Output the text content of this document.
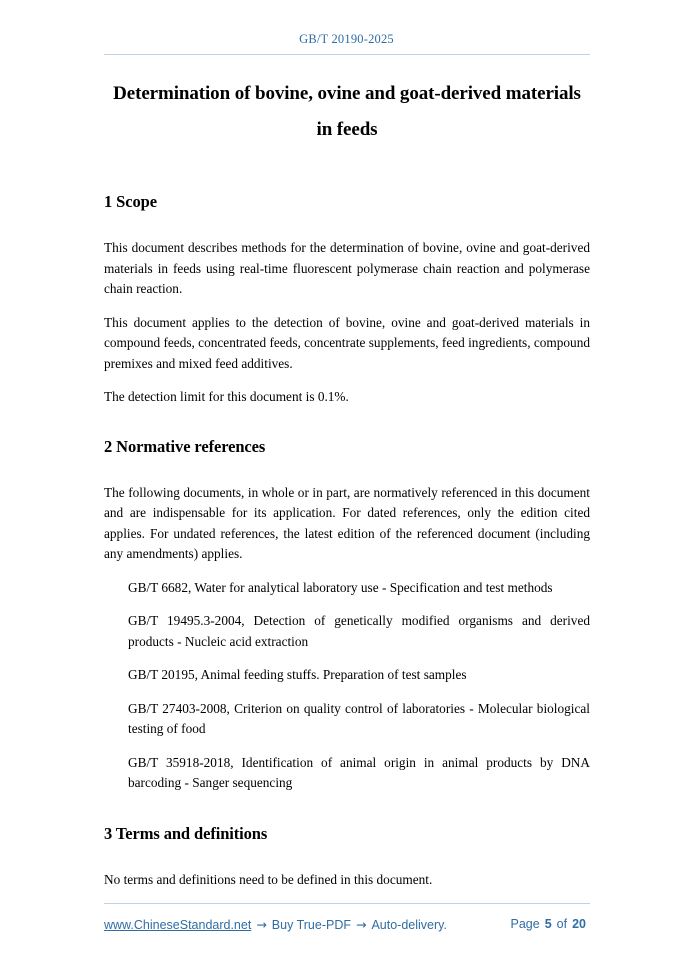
GB/T 20190-2025
Determination of bovine, ovine and goat-derived materials in feeds
1 Scope

This document describes methods for the determination of bovine, ovine and goat-derived materials in feeds using real-time fluorescent polymerase chain reaction and polymerase chain reaction.

This document applies to the detection of bovine, ovine and goat-derived materials in compound feeds, concentrated feeds, concentrate supplements, feed ingredients, compound premixes and mixed feed additives.

The detection limit for this document is 0.1%.

2 Normative references

The following documents, in whole or in part, are normatively referenced in this document and are indispensable for its application. For dated references, only the edition cited applies. For undated references, the latest edition of the referenced document (including any amendments) applies.

GB/T 6682, Water for analytical laboratory use - Specification and test methods

GB/T 19495.3-2004, Detection of genetically modified organisms and derived products - Nucleic acid extraction

GB/T 20195, Animal feeding stuffs. Preparation of test samples

GB/T 27403-2008, Criterion on quality control of laboratories - Molecular biological testing of food

GB/T 35918-2018, Identification of animal origin in animal products by DNA barcoding - Sanger sequencing

3 Terms and definitions

No terms and definitions need to be defined in this document.

www.ChineseStandard.net → Buy True-PDF → Auto-delivery.	Page 5 of 20
